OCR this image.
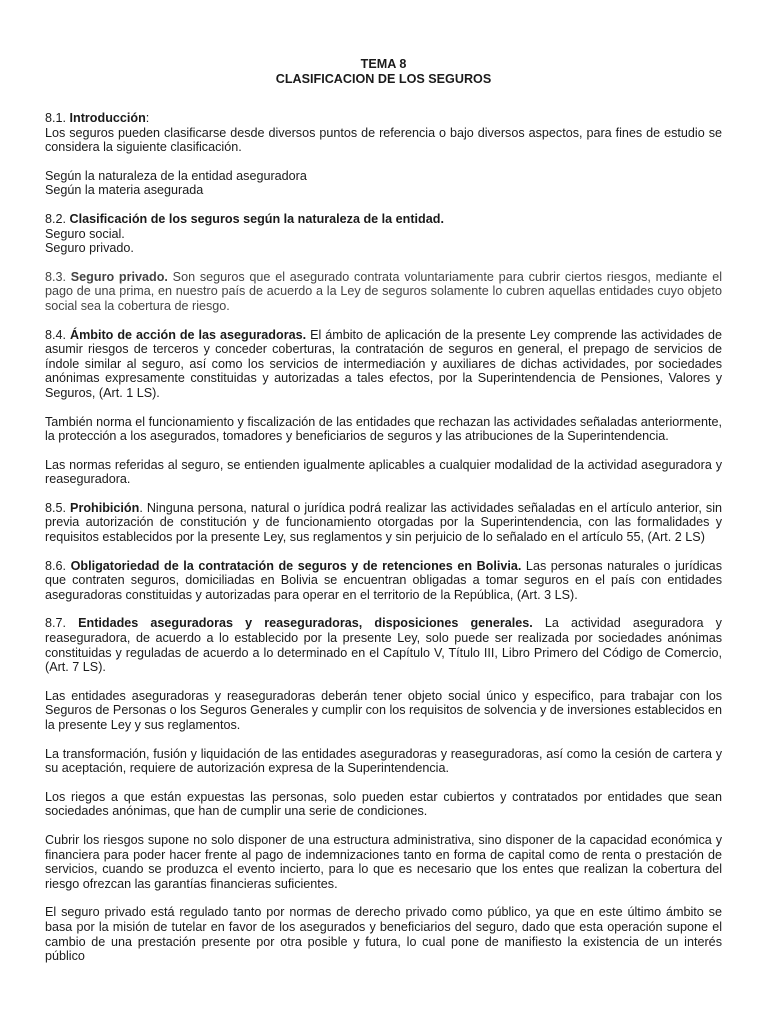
TEMA 8
CLASIFICACION DE LOS SEGUROS

8.1. Introducción:

Los seguros pueden clasificarse desde diversos puntos de referencia o bajo diversos aspectos, para fines de estudio se considera la siguiente clasificación.

Según la naturaleza de la entidad aseguradora
Según la materia asegurada

8.2. Clasificación de los seguros según la naturaleza de la entidad.

Seguro social.
Seguro privado.

8.3. Seguro privado. Son seguros que el asegurado contrata voluntariamente para cubrir ciertos riesgos, mediante el pago de una prima, en nuestro país de acuerdo a la Ley de seguros solamente lo cubren aquellas entidades cuyo objeto social sea la cobertura de riesgo.

8.4. Ámbito de acción de las aseguradoras. El ámbito de aplicación de la presente Ley comprende las actividades de asumir riesgos de terceros y conceder coberturas, la contratación de seguros en general, el prepago de servicios de índole similar al seguro, así como los servicios de intermediación y auxiliares de dichas actividades, por sociedades anónimas expresamente constituidas y autorizadas a tales efectos, por la Superintendencia de Pensiones, Valores y Seguros, (Art. 1 LS).

También norma el funcionamiento y fiscalización de las entidades que rechazan las actividades señaladas anteriormente, la protección a los asegurados, tomadores y beneficiarios de seguros y las atribuciones de la Superintendencia.

Las normas referidas al seguro, se entienden igualmente aplicables a cualquier modalidad de la actividad aseguradora y reaseguradora.

8.5. Prohibición. Ninguna persona, natural o jurídica podrá realizar las actividades señaladas en el artículo anterior, sin previa autorización de constitución y de funcionamiento otorgadas por la Superintendencia, con las formalidades y requisitos establecidos por la presente Ley, sus reglamentos y sin perjuicio de lo señalado en el artículo 55, (Art. 2 LS)

8.6. Obligatoriedad de la contratación de seguros y de retenciones en Bolivia. Las personas naturales o jurídicas que contraten seguros, domiciliadas en Bolivia se encuentran obligadas a tomar seguros en el país con entidades aseguradoras constituidas y autorizadas para operar en el territorio de la República, (Art. 3 LS).

8.7. Entidades aseguradoras y reaseguradoras, disposiciones generales. La actividad aseguradora y reaseguradora, de acuerdo a lo establecido por la presente Ley, solo puede ser realizada por sociedades anónimas constituidas y reguladas de acuerdo a lo determinado en el Capítulo V, Título III, Libro Primero del Código de Comercio, (Art. 7 LS).

Las entidades aseguradoras y reaseguradoras deberán tener objeto social único y especifico, para trabajar con los Seguros de Personas o los Seguros Generales y cumplir con los requisitos de solvencia y de inversiones establecidos en la presente Ley y sus reglamentos.

La transformación, fusión y liquidación de las entidades aseguradoras y reaseguradoras, así como la cesión de cartera y su aceptación, requiere de autorización expresa de la Superintendencia.

Los riegos a que están expuestas las personas, solo pueden estar cubiertos y contratados por entidades que sean sociedades anónimas, que han de cumplir una serie de condiciones.

Cubrir los riesgos supone no solo disponer de una estructura administrativa, sino disponer de la capacidad económica y financiera para poder hacer frente al pago de indemnizaciones tanto en forma de capital como de renta o prestación de servicios, cuando se produzca el evento incierto, para lo que es necesario que los entes que realizan la cobertura del riesgo ofrezcan las garantías financieras suficientes.

El seguro privado está regulado tanto por normas de derecho privado como público, ya que en este último ámbito se basa por la misión de tutelar en favor de los asegurados y beneficiarios del seguro, dado que esta operación supone el cambio de una prestación presente por otra posible y futura, lo cual pone de manifiesto la existencia de un interés público
